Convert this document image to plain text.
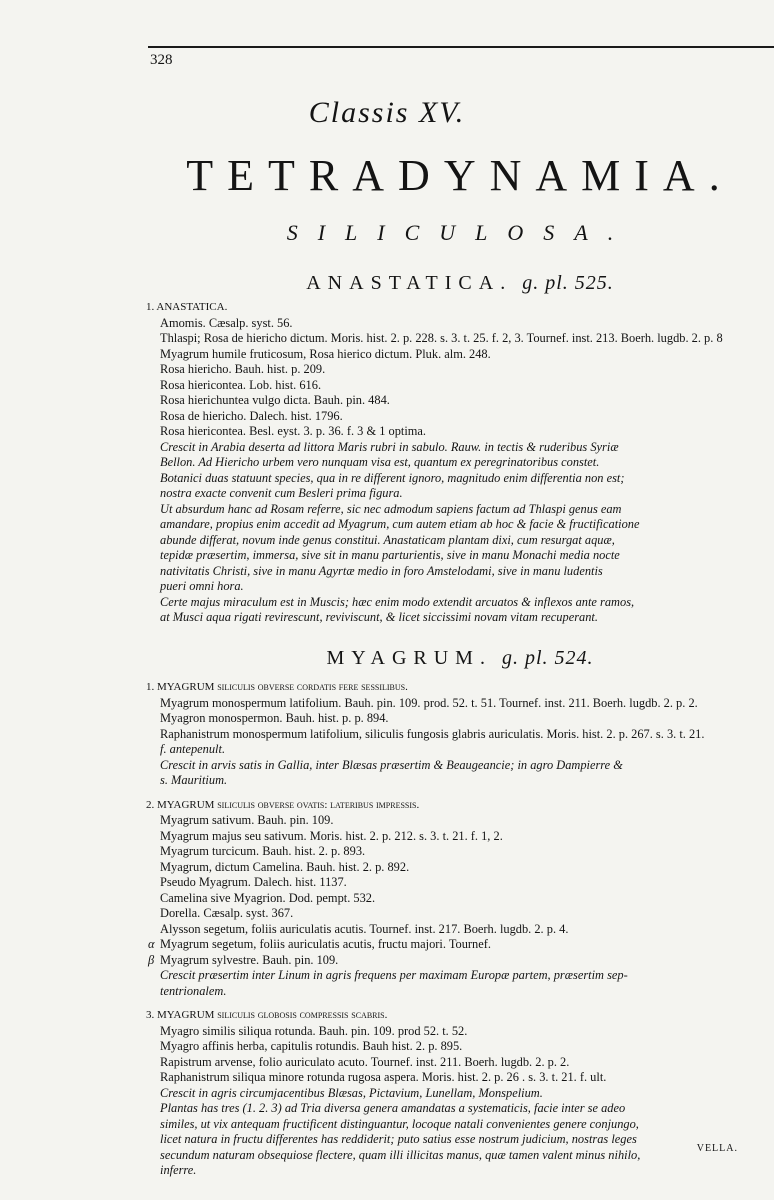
328
Classis XV.
TETRADYNAMIA.
SILICULOSA.
ANASTATICA. g. pl. 525.
1. ANASTATICA.
Amomis. Cæsalp. syst. 56.
Thlaspi; Rosa de hiericho dictum. Moris. hist. 2. p. 228. s. 3. t. 25. f. 2, 3. Tournef. inst. 213. Boerh. lugdb. 2. p. 8
Myagrum humile fruticosum, Rosa hierico dictum. Pluk. alm. 248.
Rosa hiericho. Bauh. hist. p. 209.
Rosa hiericontea. Lob. hist. 616.
Rosa hierichuntea vulgo dicta. Bauh. pin. 484.
Rosa de hiericho. Dalech. hist. 1796.
Rosa hiericontea. Besl. eyst. 3. p. 36. f. 3 & 1 optima.
Crescit in Arabia deserta ad littora Maris rubri in sabulo. Rauw. in tectis & ruderibus Syriæ
Bellon. Ad Hiericho urbem vero nunquam visa est, quantum ex peregrinatoribus constet.
Botanici duas statuunt species, qua in re different ignoro, magnitudo enim differentia non est;
nostra exacte convenit cum Besleri prima figura.
Ut absurdum hanc ad Rosam referre, sic nec admodum sapiens factum ad Thlaspi genus eam
amandare, propius enim accedit ad Myagrum, cum autem etiam ab hoc & facie & fructificatione
abunde differat, novum inde genus constitui. Anastaticam plantam dixi, cum resurgat aquæ,
tepidæ præsertim, immersa, sive sit in manu parturientis, sive in manu Monachi media nocte
nativitatis Christi, sive in manu Agyrtæ medio in foro Amstelodami, sive in manu ludentis
pueri omni hora.
Certe majus miraculum est in Muscis; hæc enim modo extendit arcuatos & inflexos ante ramos,
at Musci aqua rigati revirescunt, reviviscunt, & licet siccissimi novam vitam recuperant.
MYAGRUM. g. pl. 524.
1. MYAGRUM siliculis obverse cordatis fere sessilibus.
Myagrum monospermum latifolium. Bauh. pin. 109. prod. 52. t. 51. Tournef. inst. 211. Boerh. lugdb. 2. p. 2.
Myagron monospermon. Bauh. hist. p. p. 894.
Raphanistrum monospermum latifolium, siliculis fungosis glabris auriculatis. Moris. hist. 2. p. 267. s. 3. t. 21.
f. antepenult.
Crescit in arvis satis in Gallia, inter Blæsas præsertim & Beaugeancie; in agro Dampierre &
s. Mauritium.
2. MYAGRUM siliculis obverse ovatis: lateribus impressis.
Myagrum sativum. Bauh. pin. 109.
Myagrum majus seu sativum. Moris. hist. 2. p. 212. s. 3. t. 21. f. 1, 2.
Myagrum turcicum. Bauh. hist. 2. p. 893.
Myagrum, dictum Camelina. Bauh. hist. 2. p. 892.
Pseudo Myagrum. Dalech. hist. 1137.
Camelina sive Myagrion. Dod. pempt. 532.
Dorella. Cæsalp. syst. 367.
Alysson segetum, foliis auriculatis acutis. Tournef. inst. 217. Boerh. lugdb. 2. p. 4.
α Myagrum segetum, foliis auriculatis acutis, fructu majori. Tournef.
β Myagrum sylvestre. Bauh. pin. 109.
Crescit præsertim inter Linum in agris frequens per maximam Europæ partem, præsertim sep-
tentrionalem.
3. MYAGRUM siliculis globosis compressis scabris.
Myagro similis siliqua rotunda. Bauh. pin. 109. prod 52. t. 52.
Myagro affinis herba, capitulis rotundis. Bauh hist. 2. p. 895.
Rapistrum arvense, folio auriculato acuto. Tournef. inst. 211. Boerh. lugdb. 2. p. 2.
Raphanistrum siliqua minore rotunda rugosa aspera. Moris. hist. 2. p. 26 . s. 3. t. 21. f. ult.
Crescit in agris circumjacentibus Blæsas, Pictavium, Lunellam, Monspelium.
Plantas has tres (1. 2. 3) ad Tria diversa genera amandatas a systematicis, facie inter se adeo
similes, ut vix antequam fructificent distinguantur, locoque natali convenientes genere conjungo,
licet natura in fructu differentes has reddiderit; puto satius esse nostrum judicium, nostras leges
secundum naturam obsequiose flectere, quam illi illicitas manus, quæ tamen valent minus nihilo,
inferre.
VELLA.
